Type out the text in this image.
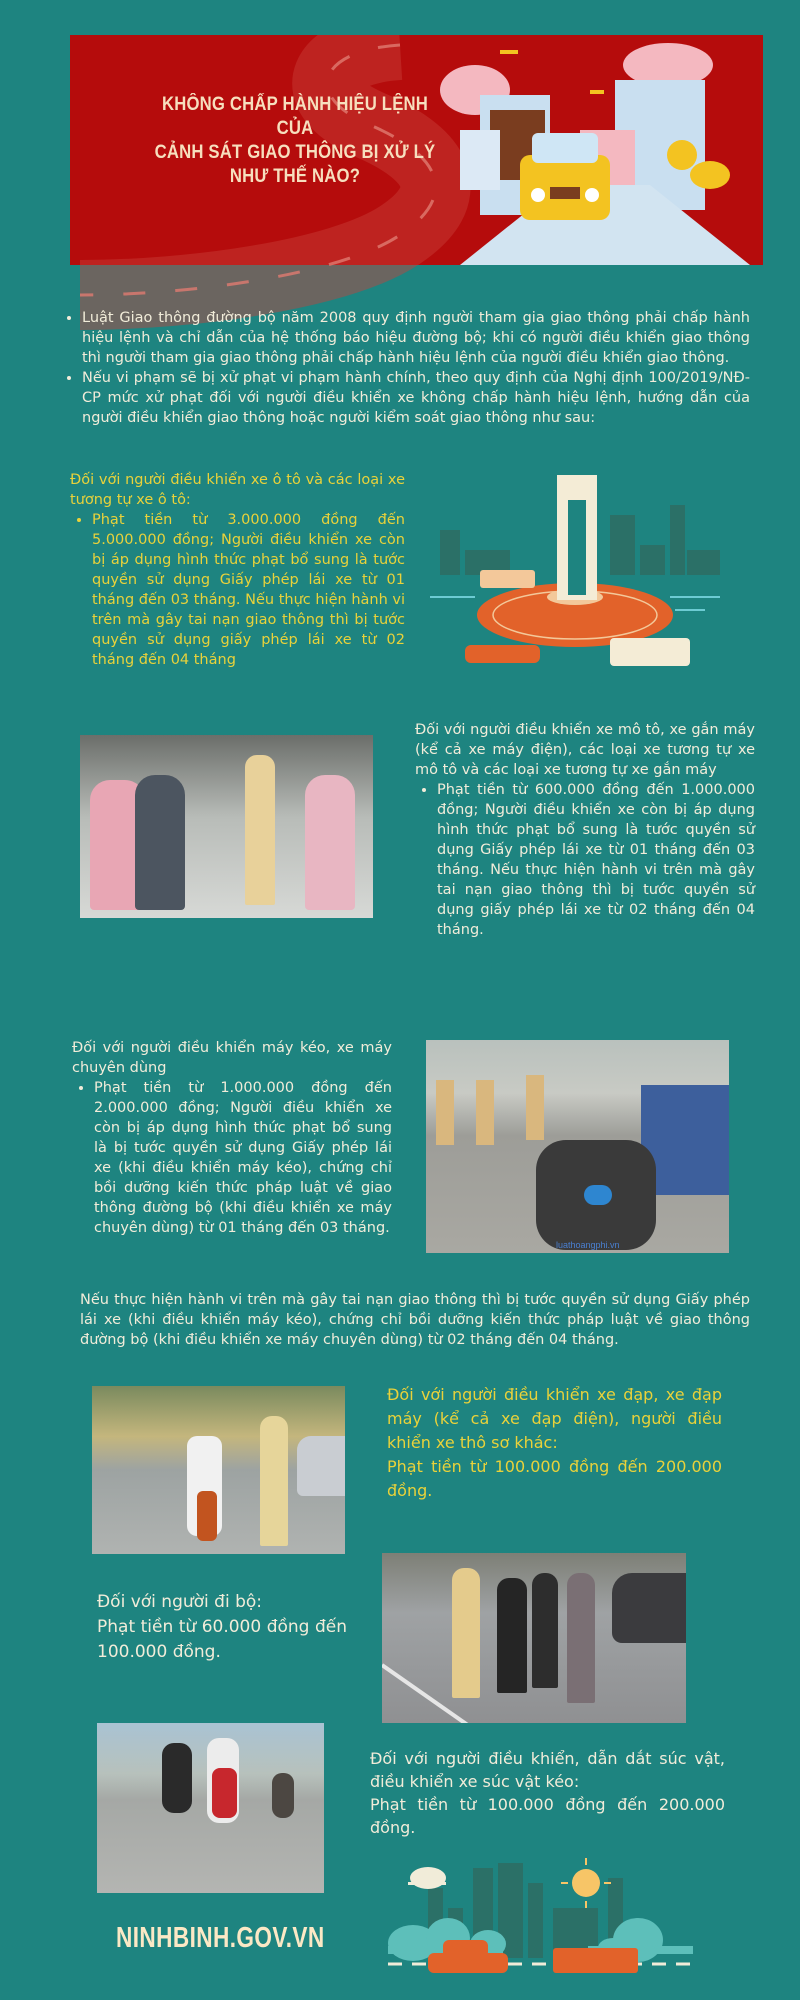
KHÔNG CHẤP HÀNH HIỆU LỆNH CỦA
CẢNH SÁT GIAO THÔNG BỊ XỬ LÝ
NHƯ THẾ NÀO?
• Luật Giao thông đường bộ năm 2008 quy định người tham gia giao thông phải chấp hành hiệu lệnh và chỉ dẫn của hệ thống báo hiệu đường bộ; khi có người điều khiển giao thông thì người tham gia giao thông phải chấp hành hiệu lệnh của người điều khiển giao thông.
• Nếu vi phạm sẽ bị xử phạt vi phạm hành chính, theo quy định của Nghị định 100/2019/NĐ-CP mức xử phạt đối với người điều khiển xe không chấp hành hiệu lệnh, hướng dẫn của người điều khiển giao thông hoặc người kiểm soát giao thông như sau:
Đối với người điều khiển xe ô tô và các loại xe tương tự xe ô tô:
• Phạt tiền từ 3.000.000 đồng đến 5.000.000 đồng; Người điều khiển xe còn bị áp dụng hình thức phạt bổ sung là tước quyền sử dụng Giấy phép lái xe từ 01 tháng đến 03 tháng. Nếu thực hiện hành vi trên mà gây tai nạn giao thông thì bị tước quyền sử dụng giấy phép lái xe từ 02 tháng đến 04 tháng
Đối với người điều khiển xe mô tô, xe gắn máy (kể cả xe máy điện), các loại xe tương tự xe mô tô và các loại xe tương tự xe gắn máy
• Phạt tiền từ 600.000 đồng đến 1.000.000 đồng; Người điều khiển xe còn bị áp dụng hình thức phạt bổ sung là tước quyền sử dụng Giấy phép lái xe từ 01 tháng đến 03 tháng. Nếu thực hiện hành vi trên mà gây tai nạn giao thông thì bị tước quyền sử dụng giấy phép lái xe từ 02 tháng đến 04 tháng.
Đối với người điều khiển máy kéo, xe máy chuyên dùng
• Phạt tiền từ 1.000.000 đồng đến 2.000.000 đồng; Người điều khiển xe còn bị áp dụng hình thức phạt bổ sung là bị tước quyền sử dụng Giấy phép lái xe (khi điều khiển máy kéo), chứng chỉ bồi dưỡng kiến thức pháp luật về giao thông đường bộ (khi điều khiển xe máy chuyên dùng) từ 01 tháng đến 03 tháng.
luathoangphi.vn
Nếu thực hiện hành vi trên mà gây tai nạn giao thông thì bị tước quyền sử dụng Giấy phép lái xe (khi điều khiển máy kéo), chứng chỉ bồi dưỡng kiến thức pháp luật về giao thông đường bộ (khi điều khiển xe máy chuyên dùng) từ 02 tháng đến 04 tháng.
Đối với người điều khiển xe đạp, xe đạp máy (kể cả xe đạp điện), người điều khiển xe thô sơ khác:
Phạt tiền từ 100.000 đồng đến 200.000 đồng.
Đối với người đi bộ:
Phạt tiền từ 60.000 đồng đến 100.000 đồng.
Đối với người điều khiển, dẫn dắt súc vật, điều khiển xe súc vật kéo:
Phạt tiền từ 100.000 đồng đến 200.000 đồng.
NINHBINH.GOV.VN
